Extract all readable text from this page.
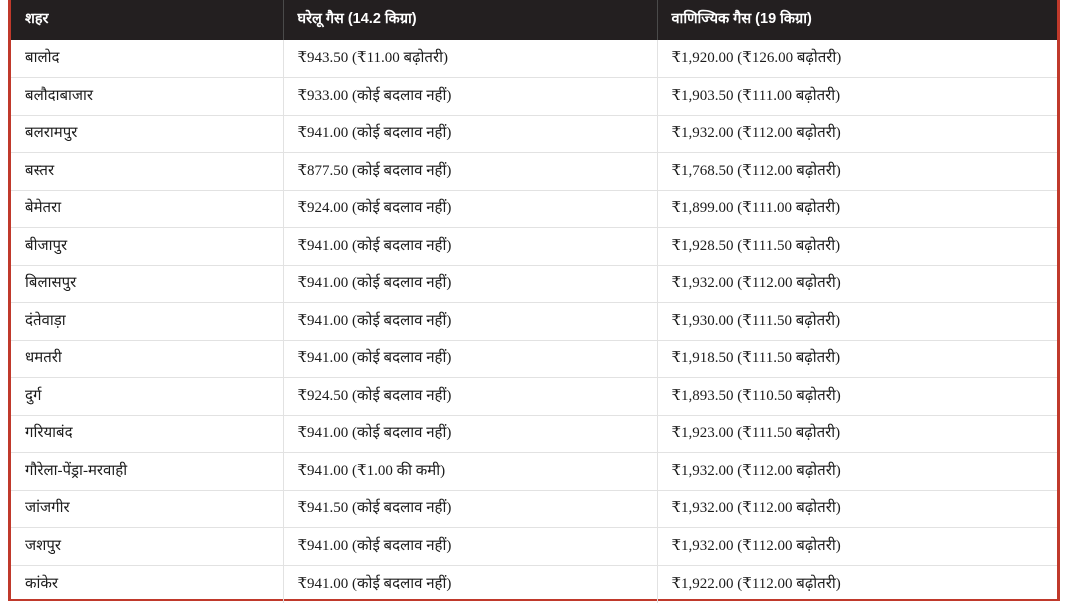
शहर	घरेलू गैस (14.2 किग्रा)	वाणिज्यिक गैस (19 किग्रा)
बालोद	₹943.50 (₹11.00 बढ़ोतरी)	₹1,920.00 (₹126.00 बढ़ोतरी)
बलौदाबाजार	₹933.00 (कोई बदलाव नहीं)	₹1,903.50 (₹111.00 बढ़ोतरी)
बलरामपुर	₹941.00 (कोई बदलाव नहीं)	₹1,932.00 (₹112.00 बढ़ोतरी)
बस्तर	₹877.50 (कोई बदलाव नहीं)	₹1,768.50 (₹112.00 बढ़ोतरी)
बेमेतरा	₹924.00 (कोई बदलाव नहीं)	₹1,899.00 (₹111.00 बढ़ोतरी)
बीजापुर	₹941.00 (कोई बदलाव नहीं)	₹1,928.50 (₹111.50 बढ़ोतरी)
बिलासपुर	₹941.00 (कोई बदलाव नहीं)	₹1,932.00 (₹112.00 बढ़ोतरी)
दंतेवाड़ा	₹941.00 (कोई बदलाव नहीं)	₹1,930.00 (₹111.50 बढ़ोतरी)
धमतरी	₹941.00 (कोई बदलाव नहीं)	₹1,918.50 (₹111.50 बढ़ोतरी)
दुर्ग	₹924.50 (कोई बदलाव नहीं)	₹1,893.50 (₹110.50 बढ़ोतरी)
गरियाबंद	₹941.00 (कोई बदलाव नहीं)	₹1,923.00 (₹111.50 बढ़ोतरी)
गौरेला-पेंड्रा-मरवाही	₹941.00 (₹1.00 की कमी)	₹1,932.00 (₹112.00 बढ़ोतरी)
जांजगीर	₹941.50 (कोई बदलाव नहीं)	₹1,932.00 (₹112.00 बढ़ोतरी)
जशपुर	₹941.00 (कोई बदलाव नहीं)	₹1,932.00 (₹112.00 बढ़ोतरी)
कांकेर	₹941.00 (कोई बदलाव नहीं)	₹1,922.00 (₹112.00 बढ़ोतरी)
